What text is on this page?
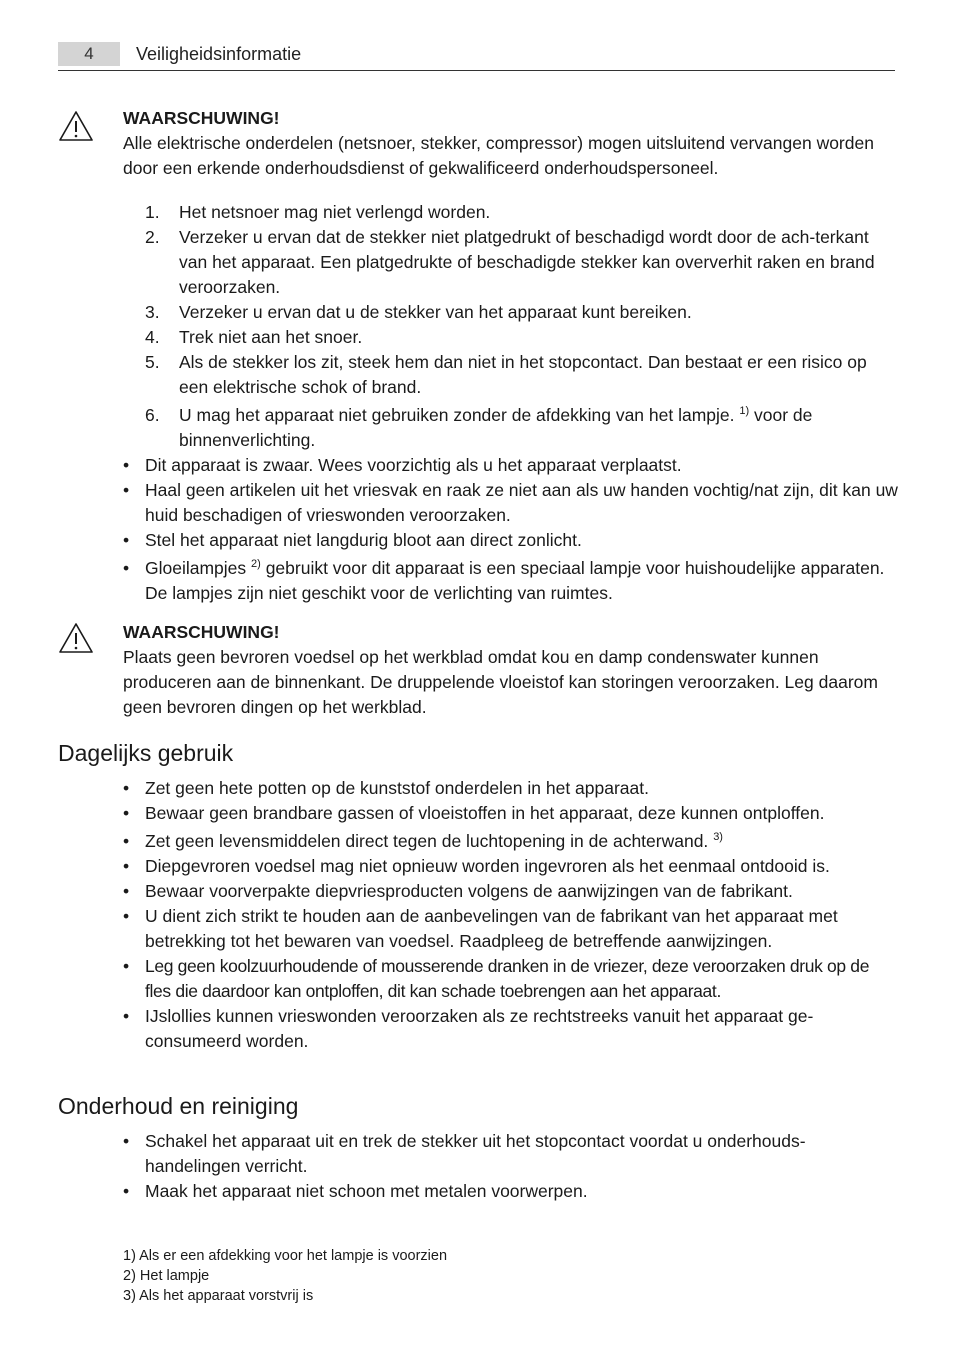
4	Veiligheidsinformatie
WAARSCHUWING!
Alle elektrische onderdelen (netsnoer, stekker, compressor) mogen uitsluitend vervangen worden door een erkende onderhoudsdienst of gekwalificeerd onderhoudspersoneel.
1. Het netsnoer mag niet verlengd worden.
2. Verzeker u ervan dat de stekker niet platgedrukt of beschadigd wordt door de ach-terkant van het apparaat. Een platgedrukte of beschadigde stekker kan oververhit raken en brand veroorzaken.
3. Verzeker u ervan dat u de stekker van het apparaat kunt bereiken.
4. Trek niet aan het snoer.
5. Als de stekker los zit, steek hem dan niet in het stopcontact. Dan bestaat er een risico op een elektrische schok of brand.
6. U mag het apparaat niet gebruiken zonder de afdekking van het lampje. $^{1)}$ voor de binnenverlichting.
• Dit apparaat is zwaar. Wees voorzichtig als u het apparaat verplaatst.
• Haal geen artikelen uit het vriesvak en raak ze niet aan als uw handen vochtig/nat zijn, dit kan uw huid beschadigen of vrieswonden veroorzaken.
• Stel het apparaat niet langdurig bloot aan direct zonlicht.
• Gloeilampjes $^{2)}$ gebruikt voor dit apparaat is een speciaal lampje voor huishoudelijke apparaten. De lampjes zijn niet geschikt voor de verlichting van ruimtes.
WAARSCHUWING!
Plaats geen bevroren voedsel op het werkblad omdat kou en damp condenswater kunnen produceren aan de binnenkant. De druppelende vloeistof kan storingen veroorzaken. Leg daarom geen bevroren dingen op het werkblad.
Dagelijks gebruik
• Zet geen hete potten op de kunststof onderdelen in het apparaat.
• Bewaar geen brandbare gassen of vloeistoffen in het apparaat, deze kunnen ontploffen.
• Zet geen levensmiddelen direct tegen de luchtopening in de achterwand. $^{3)}$
• Diepgevroren voedsel mag niet opnieuw worden ingevroren als het eenmaal ontdooid is.
• Bewaar voorverpakte diepvriesproducten volgens de aanwijzingen van de fabrikant.
• U dient zich strikt te houden aan de aanbevelingen van de fabrikant van het apparaat met betrekking tot het bewaren van voedsel. Raadpleeg de betreffende aanwijzingen.
• Leg geen koolzuurhoudende of mousserende dranken in de vriezer, deze veroorzaken druk op de fles die daardoor kan ontploffen, dit kan schade toebrengen aan het apparaat.
• IJslollies kunnen vrieswonden veroorzaken als ze rechtstreeks vanuit het apparaat ge-consumeerd worden.
Onderhoud en reiniging
• Schakel het apparaat uit en trek de stekker uit het stopcontact voordat u onderhouds-handelingen verricht.
• Maak het apparaat niet schoon met metalen voorwerpen.
1) Als er een afdekking voor het lampje is voorzien
2) Het lampje
3) Als het apparaat vorstvrij is
